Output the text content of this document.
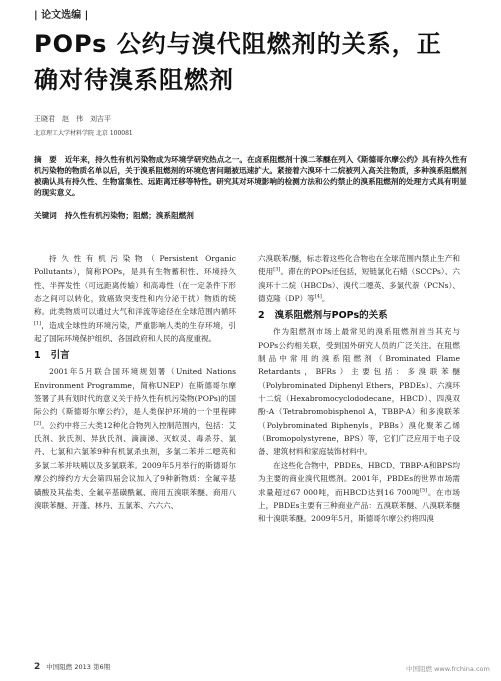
| 论文选编 |
POPs 公约与溴代阻燃剂的关系，正
确对待溴系阻燃剂
王晓君　赵　伟　刘吉平
北京理工大学材料学院 北京 100081
摘　要 近年来，持久性有机污染物成为环境学研究热点之一。在卤系阻燃剂十溴二苯醚在列入《斯德哥尔摩公约》具有持久性有机污染物的物质名单以后，关于溴系阻燃剂的环境危害问题被迅速扩大。紧接着六溴环十二烷被列入高关注物质，多种溴系阻燃剂被确认具有持久性、生物富集性、远距离迁移等特性。研究其对环境影响的检测方法和公约禁止的溴系阻燃剂的处理方式具有明显的现实意义。
关键词 持久性有机污染物；阻燃；溴系阻燃剂

持久性有机污染物（Persistent Organic Pollutants），简称POPs，是具有生物蓄积性、环境持久性、半挥发性（可远距离传输）和高毒性（在一定条件下形态之间可以转化，致癌致突变性和内分泌干扰）物质的统称。此类物质可以通过大气和洋流等途径在全球范围内循环[1]，造成全球性的环境污染，严重影响人类的生存环境，引起了国际环境保护组织、各国政府和人民的高度重视。

1 引言

2001年5月联合国环境规划署（United Nations Environment Programme，简称UNEP）在斯德哥尔摩签署了具有划时代的意义关于持久性有机污染物(POPs)的国际公约《斯德哥尔摩公约》，是人类保护环境的一个里程碑[2]。公约中将三大类12种化合物列入控制范围内，包括：艾氏剂、狄氏剂、异狄氏剂、滴滴涕、灭蚁灵、毒杀芬、氯丹、七氯和六氯苯9种有机氯杀虫剂，多氯二苯并二噁英和多氯二苯并呋喃以及多氯联苯。2009年5月举行的斯德哥尔摩公约缔约方大会第四届会议加入了9种新物质：全氟辛基磺酸及其盐类、全氟辛基磺酰氟、商用五溴联苯醚、商用八溴联苯醚、开蓬、林丹、五氯苯、六六六、

六溴联苯/醚，标志着这些化合物也在全球范围内禁止生产和使用[3]。滞在的POPs还包括，短链氯化石蜡（SCCPs）、六溴环十二烷（HBCDs）、溴代二噁英、多氯代萘（PCNs）、德克隆（DP）等[4]。

2 溴系阻燃剂与POPs的关系

作为阻燃剂市场上最常见的溴系阻燃剂首当其充与POPs公约相关联，受到国外研究人员的广泛关注。在阻燃制品中常用的溴系阻燃剂（Brominated Flame Retardants，BFRs）主要包括：多溴联苯醚（Polybrominated Diphenyl Ethers，PBDEs）、六溴环十二烷（Hexabromocyclododecane，HBCD）、四溴双酚-A（Tetrabromobisphenol A，TBBP-A）和多溴联苯（Polybrominated Biphenyls，PBBs）溴化聚苯乙烯（Bromopolystyrene，BPS）等，它们广泛应用于电子设备、建筑材料和家庭装饰材料中。

在这些化合物中，PBDEs、HBCD、TBBP-A和BPS均为主要的商业溴代阻燃剂。2001年，PBDEs的世界市场需求量超过67 000吨，而HBCD达到16 700吨[5]。在市场上，PBDEs主要有三种商业产品：五溴联苯醚、八溴联苯醚和十溴联苯醚。2009年5月，斯德哥尔摩公约将四溴

2 中国阻燃 2013 第6期	中国阻燃 www.frchina.com
